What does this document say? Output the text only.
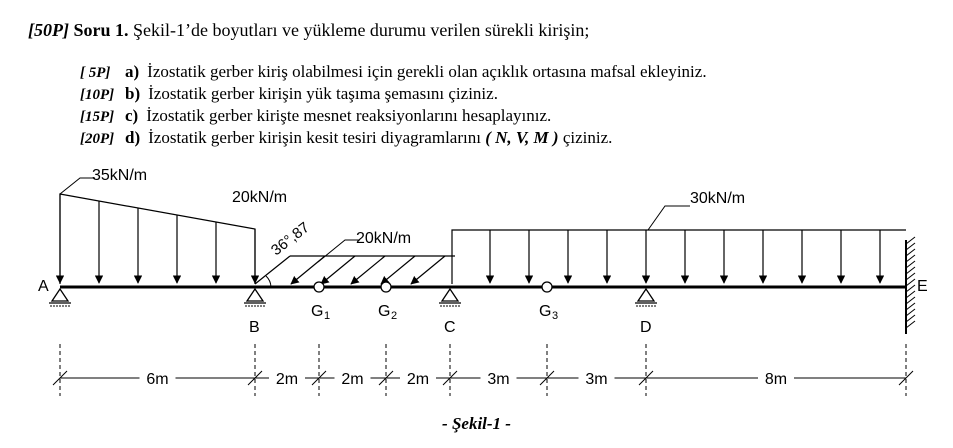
[50P] Soru 1. Şekil-1’de boyutları ve yükleme durumu verilen sürekli kirişin;
[ 5P] a) İzostatik gerber kiriş olabilmesi için gerekli olan açıklık ortasına mafsal ekleyiniz.
[10P] b) İzostatik gerber kirişin yük taşıma şemasını çiziniz.
[15P] c) İzostatik gerber kirişte mesnet reaksiyonlarını hesaplayınız.
[20P] d) İzostatik gerber kirişin kesit tesiri diyagramlarını ( N, V, M ) çiziniz.
35kN/m
20kN/m
20kN/m
30kN/m
36°,87
A
B	C	D
E
G 1	G 2	G 3
6m	2m	2m	2m	3m	3m	8m
- Şekil-1 -
